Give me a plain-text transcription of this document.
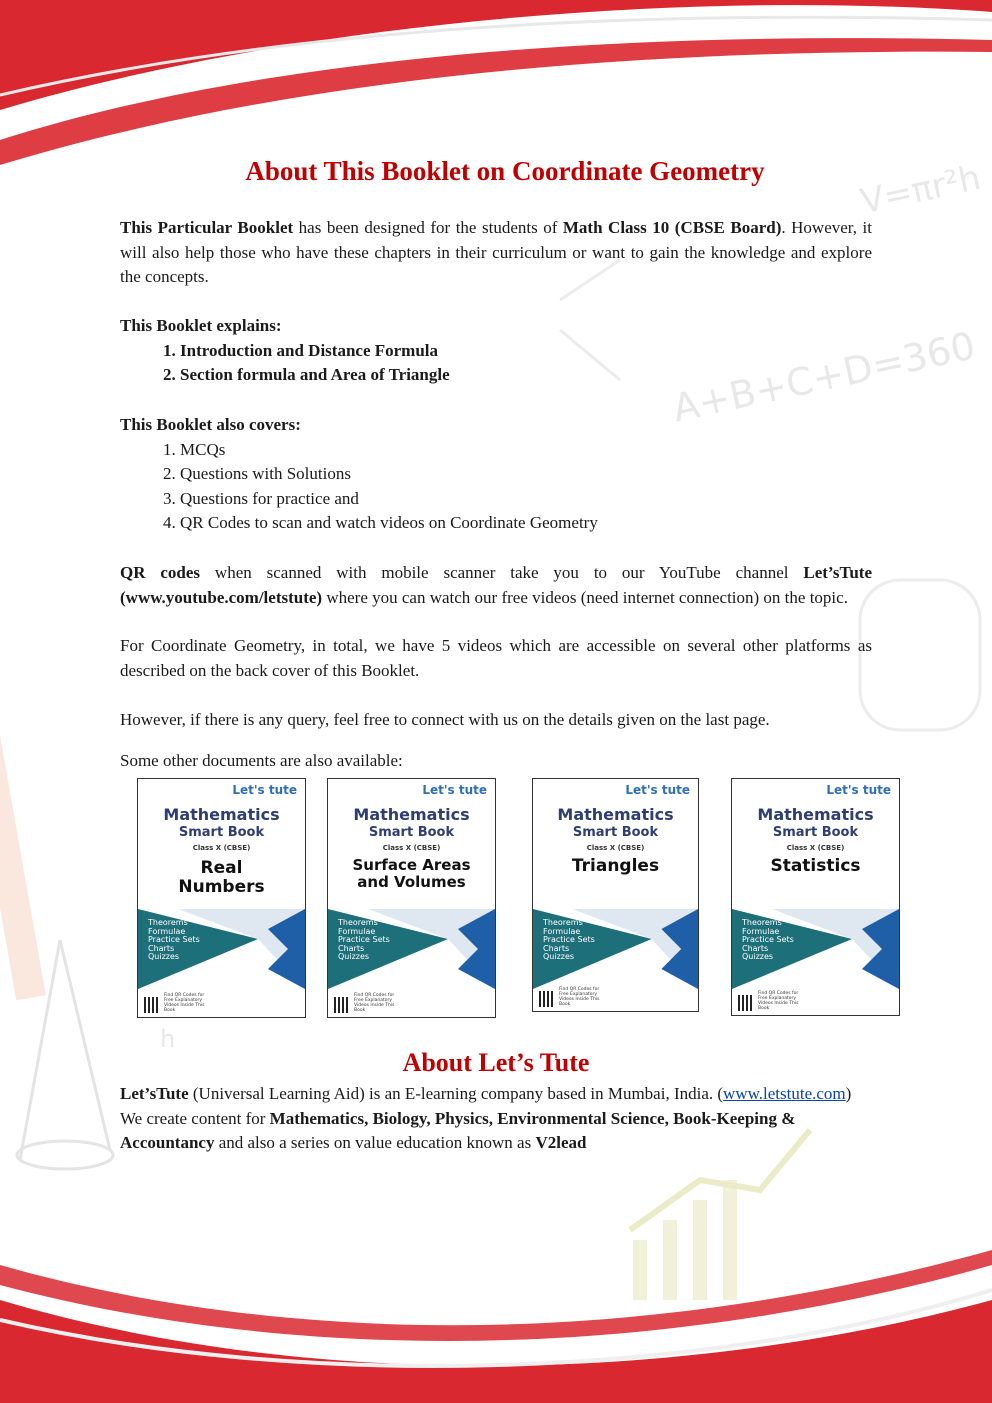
V=πr²h
A+B+C+D=360
h
About This Booklet on Coordinate Geometry

This Particular Booklet has been designed for the students of Math Class 10 (CBSE Board). However, it will also help those who have these chapters in their curriculum or want to gain the knowledge and explore the concepts.

This Booklet explains:

1. Introduction and Distance Formula
2. Section formula and Area of Triangle

This Booklet also covers:

1. MCQs
2. Questions with Solutions
3. Questions for practice and
4. QR Codes to scan and watch videos on Coordinate Geometry

QR codes when scanned with mobile scanner take you to our YouTube channel Let’sTute (www.youtube.com/letstute) where you can watch our free videos (need internet connection) on the topic.

For Coordinate Geometry, in total, we have 5 videos which are accessible on several other platforms as described on the back cover of this Booklet.

However, if there is any query, feel free to connect with us on the details given on the last page.

Some other documents are also available:

Let's tute
Mathematics
Smart Book
Class X (CBSE)
Real
Numbers
Theorems
Formulae
Practice Sets
Charts
Quizzes
Find QR Codes for Free Explanatory Videos Inside This Book
Let's tute
Mathematics
Smart Book
Class X (CBSE)
Surface Areas
and Volumes
Theorems
Formulae
Practice Sets
Charts
Quizzes
Find QR Codes for Free Explanatory Videos Inside This Book
Let's tute
Mathematics
Smart Book
Class X (CBSE)
Triangles
Theorems
Formulae
Practice Sets
Charts
Quizzes
Find QR Codes for Free Explanatory Videos Inside This Book
Let's tute
Mathematics
Smart Book
Class X (CBSE)
Statistics
Theorems
Formulae
Practice Sets
Charts
Quizzes
Find QR Codes for Free Explanatory Videos Inside This Book
About Let’s Tute

Let’sTute (Universal Learning Aid) is an E-learning company based in Mumbai, India. (www.letstute.com) We create content for Mathematics, Biology, Physics, Environmental Science, Book-Keeping & Accountancy and also a series on value education known as V2lead
